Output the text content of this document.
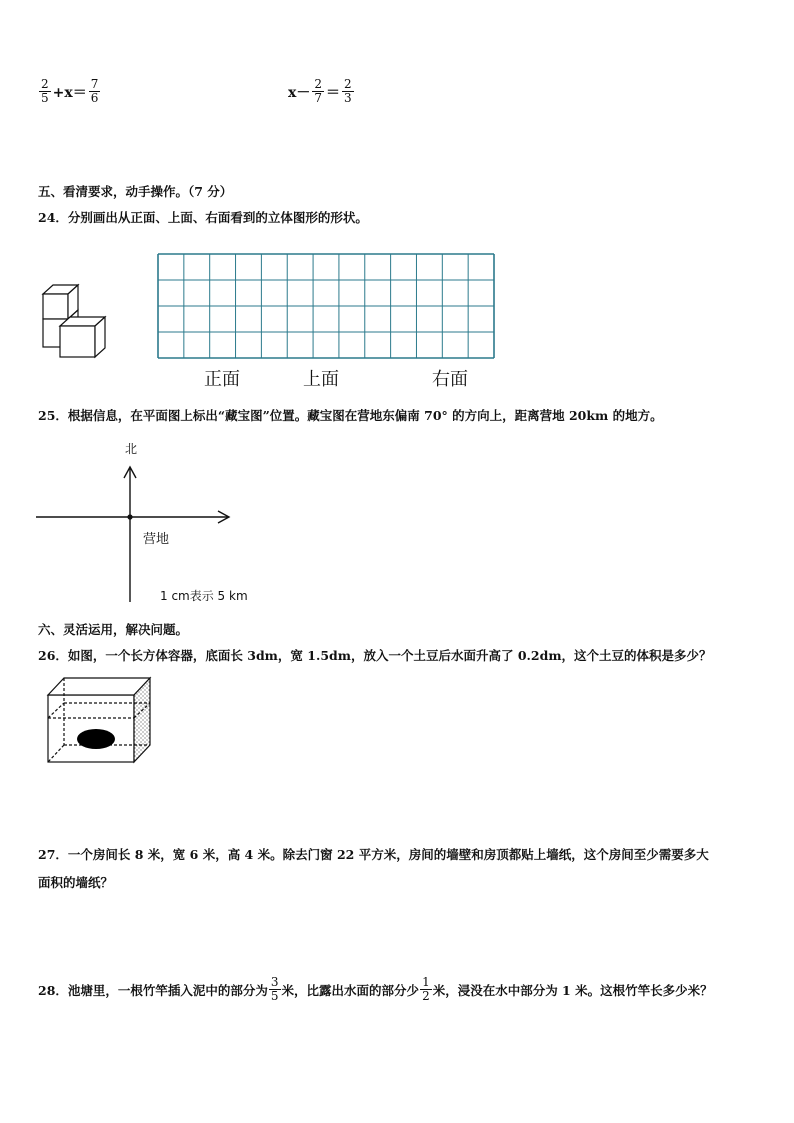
$\frac{2}{5} +x= \frac{7}{6}$	$x- \frac{2}{7} = \frac{2}{3}$
五、看清要求，动手操作。（7 分）
24．分别画出从正面、上面、右面看到的立体图形的形状。
正面	上面	右面
25．根据信息，在平面图上标出“藏宝图”位置。藏宝图在营地东偏南 70° 的方向上，距离营地 20km 的地方。
北
营地
1 cm表示 5 km
六、灵活运用，解决问题。
26．如图，一个长方体容器，底面长 3dm，宽 1.5dm，放入一个土豆后水面升高了 0.2dm，这个土豆的体积是多少？
27．一个房间长 8 米，宽 6 米，高 4 米。除去门窗 22 平方米，房间的墙壁和房顶都贴上墙纸，这个房间至少需要多大
面积的墙纸？
28．池塘里，一根竹竿插入泥中的部分为 $\frac{3}{5}$ 米，比露出水面的部分少 $\frac{1}{2}$ 米，浸没在水中部分为 1 米。这根竹竿长多少米？
